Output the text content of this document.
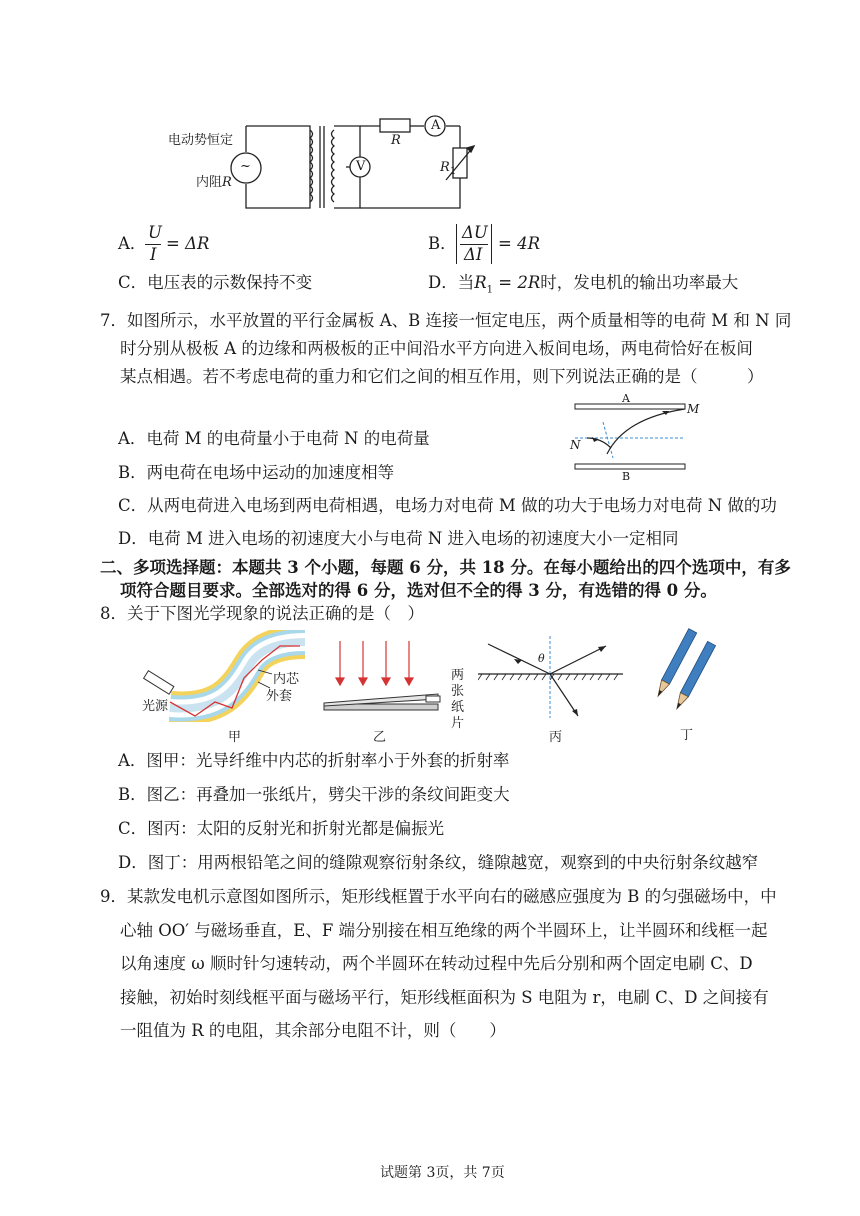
电动势恒定
内阻 R
~	V
A
R
R 1
A．
U
I
= ΔR	B．
ΔU
ΔI
= 4R
C．电压表的示数保持不变	D．当$R_1 = 2R$时，发电机的输出功率最大
7．如图所示，水平放置的平行金属板 A、B 连接一恒定电压，两个质量相等的电荷 M 和 N 同
时分别从极板 A 的边缘和两极板的正中间沿水平方向进入板间电场，两电荷恰好在板间
某点相遇。若不考虑电荷的重力和它们之间的相互作用，则下列说法正确的是（　　　）
A
B
M
N
A．电荷 M 的电荷量小于电荷 N 的电荷量
B．两电荷在电场中运动的加速度相等
C．从两电荷进入电场到两电荷相遇，电场力对电荷 M 做的功大于电场力对电荷 N 做的功
D．电荷 M 进入电场的初速度大小与电荷 N 进入电场的初速度大小一定相同
二、多项选择题：本题共 3 个小题，每题 6 分，共 18 分。在每小题给出的四个选项中，有多
项符合题目要求。全部选对的得 6 分，选对但不全的得 3 分，有选错的得 0 分。
8．关于下图光学现象的说法正确的是（　）
光源
内芯
外套
甲	乙
两
张
纸
片
θ
丙	丁
A．图甲：光导纤维中内芯的折射率小于外套的折射率
B．图乙：再叠加一张纸片，劈尖干涉的条纹间距变大
C．图丙：太阳的反射光和折射光都是偏振光
D．图丁：用两根铅笔之间的缝隙观察衍射条纹，缝隙越宽，观察到的中央衍射条纹越窄
9．某款发电机示意图如图所示，矩形线框置于水平向右的磁感应强度为 B 的匀强磁场中，中
心轴 OO′ 与磁场垂直，E、F 端分别接在相互绝缘的两个半圆环上，让半圆环和线框一起
以角速度 ω 顺时针匀速转动，两个半圆环在转动过程中先后分别和两个固定电刷 C、D
接触，初始时刻线框平面与磁场平行，矩形线框面积为 S 电阻为 r，电刷 C、D 之间接有
一阻值为 R 的电阻，其余部分电阻不计，则（　　）
试题第 3页，共 7页
